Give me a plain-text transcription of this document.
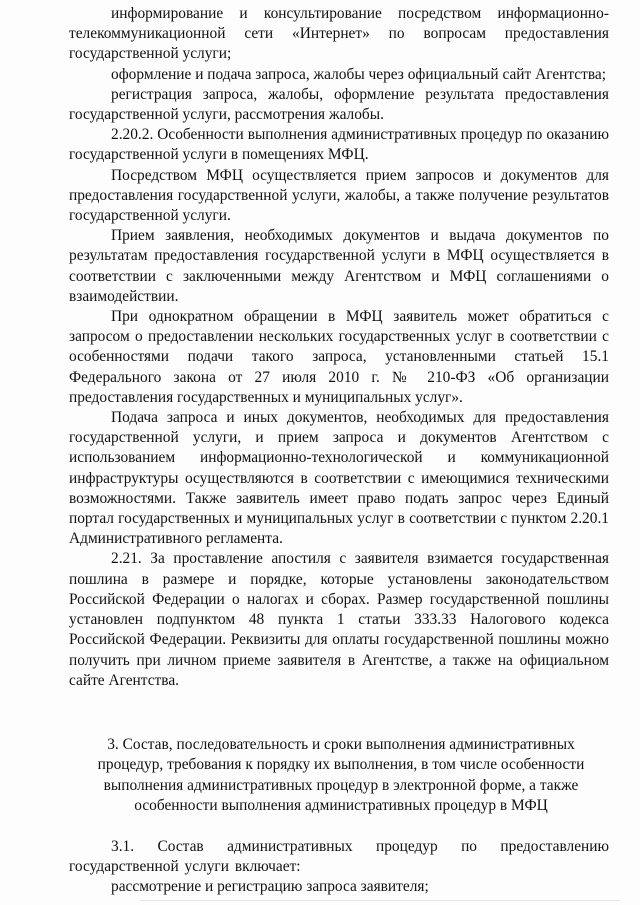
информирование и консультирование посредством информационно-телекоммуникационной сети «Интернет» по вопросам предоставления государственной услуги;

оформление и подача запроса, жалобы через официальный сайт Агентства;

регистрация запроса, жалобы, оформление результата предоставления государственной услуги, рассмотрения жалобы.

2.20.2. Особенности выполнения административных процедур по оказанию государственной услуги в помещениях МФЦ.

Посредством МФЦ осуществляется прием запросов и документов для предоставления государственной услуги, жалобы, а также получение результатов государственной услуги.

Прием заявления, необходимых документов и выдача документов по результатам предоставления государственной услуги в МФЦ осуществляется в соответствии с заключенными между Агентством и МФЦ соглашениями о взаимодействии.

При однократном обращении в МФЦ заявитель может обратиться с запросом о предоставлении нескольких государственных услуг в соответствии с особенностями подачи такого запроса, установленными статьей 15.1 Федерального закона от 27 июля 2010 г. № 210-ФЗ «Об организации предоставления государственных и муниципальных услуг».

Подача запроса и иных документов, необходимых для предоставления государственной услуги, и прием запроса и документов Агентством с использованием информационно-технологической и коммуникационной инфраструктуры осуществляются в соответствии с имеющимися техническими возможностями. Также заявитель имеет право подать запрос через Единый портал государственных и муниципальных услуг в соответствии с пунктом 2.20.1 Административного регламента.

2.21. За проставление апостиля с заявителя взимается государственная пошлина в размере и порядке, которые установлены законодательством Российской Федерации о налогах и сборах. Размер государственной пошлины установлен подпунктом 48 пункта 1 статьи 333.33 Налогового кодекса Российской Федерации. Реквизиты для оплаты государственной пошлины можно получить при личном приеме заявителя в Агентстве, а также на официальном сайте Агентства.

3. Состав, последовательность и сроки выполнения административных процедур, требования к порядку их выполнения, в том числе особенности выполнения административных процедур в электронной форме, а также особенности выполнения административных процедур в МФЦ

3.1. Состав административных процедур по предоставлению государственной услуги включает:

рассмотрение и регистрацию запроса заявителя;
